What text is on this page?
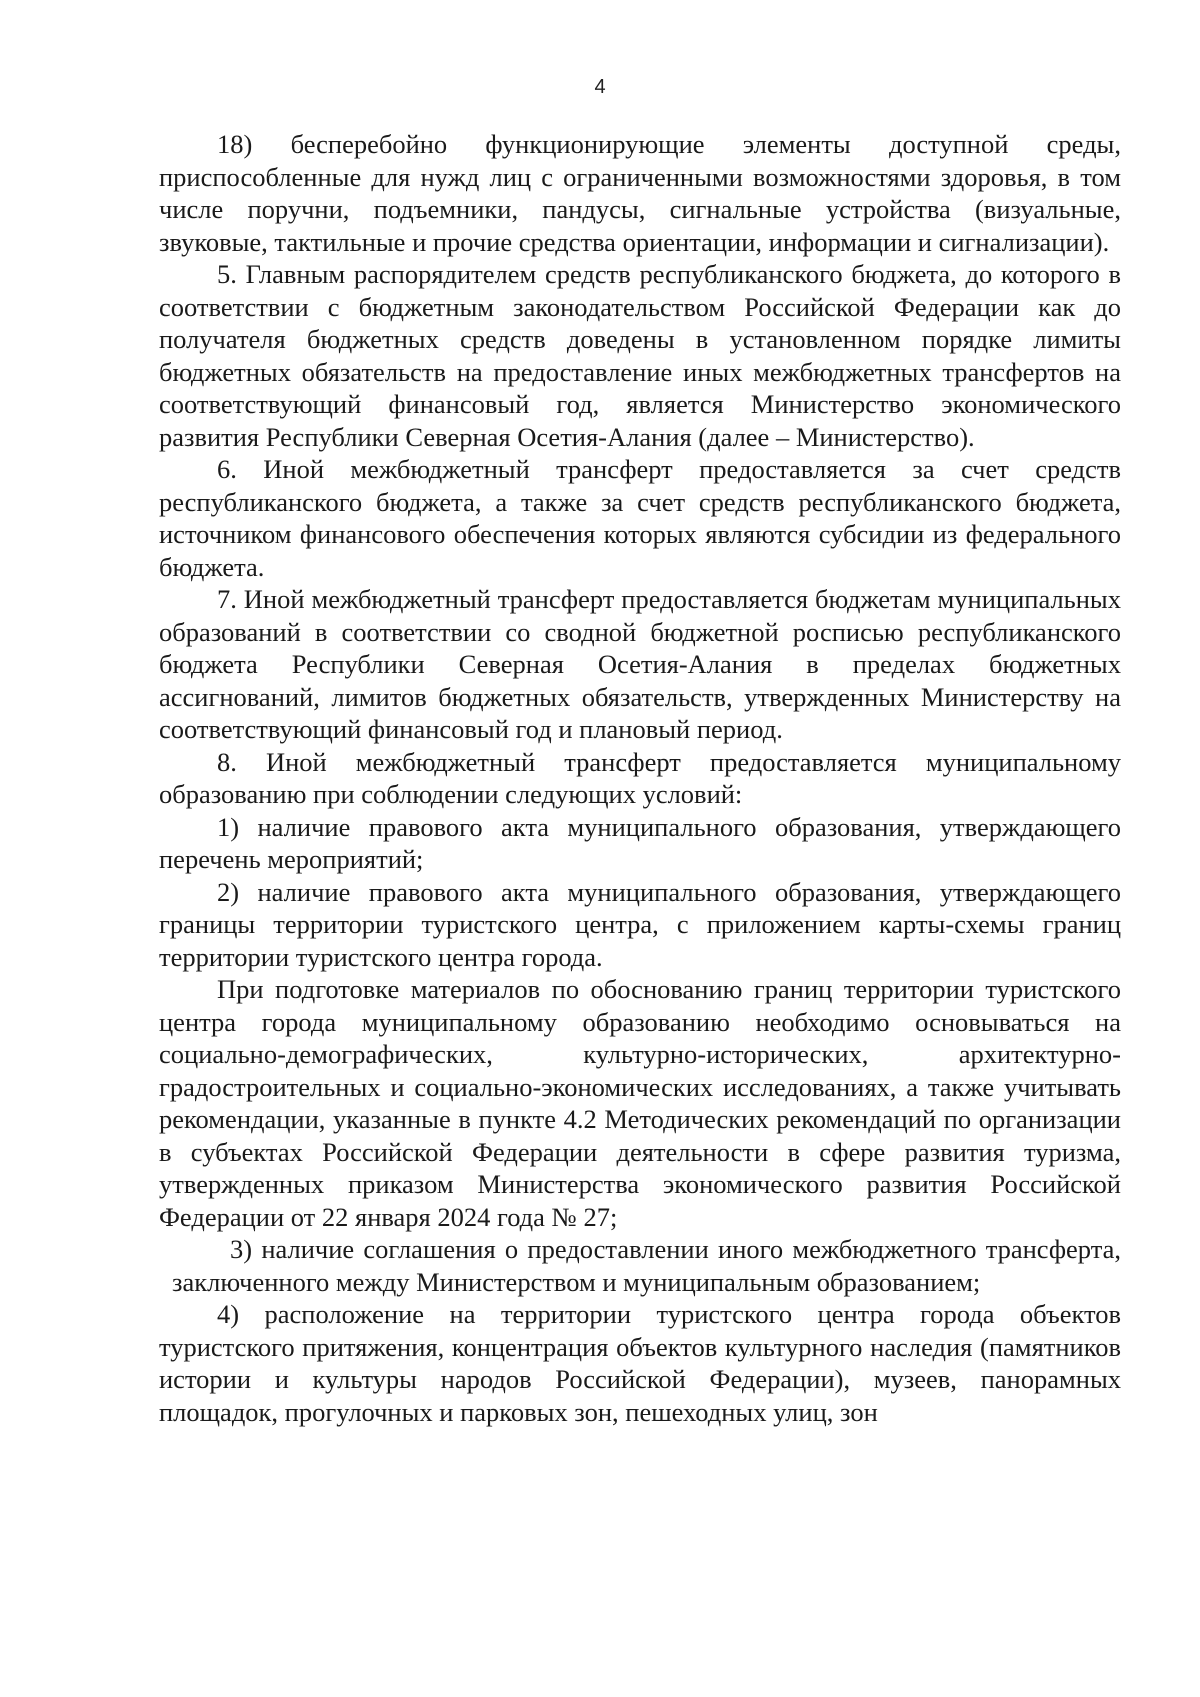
4

18) бесперебойно функционирующие элементы доступной среды, приспособленные для нужд лиц с ограниченными возможностями здоровья, в том числе поручни, подъемники, пандусы, сигнальные устройства (визуальные, звуковые, тактильные и прочие средства ориентации, информации и сигнализации).

5. Главным распорядителем средств республиканского бюджета, до которого в соответствии с бюджетным законодательством Российской Федерации как до получателя бюджетных средств доведены в установленном порядке лимиты бюджетных обязательств на предоставление иных межбюджетных трансфертов на соответствующий финансовый год, является Министерство экономического развития Республики Северная Осетия-Алания (далее – Министерство).

6. Иной межбюджетный трансферт предоставляется за счет средств республиканского бюджета, а также за счет средств республиканского бюджета, источником финансового обеспечения которых являются субсидии из федерального бюджета.

7. Иной межбюджетный трансферт предоставляется бюджетам муниципальных образований в соответствии со сводной бюджетной росписью республиканского бюджета Республики Северная Осетия-Алания в пределах бюджетных ассигнований, лимитов бюджетных обязательств, утвержденных Министерству на соответствующий финансовый год и плановый период.

8. Иной межбюджетный трансферт предоставляется муниципальному образованию при соблюдении следующих условий:

1) наличие правового акта муниципального образования, утверждающего перечень мероприятий;

2) наличие правового акта муниципального образования, утверждающего границы территории туристского центра, с приложением карты-схемы границ территории туристского центра города.

При подготовке материалов по обоснованию границ территории туристского центра города муниципальному образованию необходимо основываться на социально-демографических, культурно-исторических, архитектурно-градостроительных и социально-экономических исследованиях, а также учитывать рекомендации, указанные в пункте 4.2 Методических рекомендаций по организации в субъектах Российской Федерации деятельности в сфере развития туризма, утвержденных приказом Министерства экономического развития Российской Федерации от 22 января 2024 года № 27;

3) наличие соглашения о предоставлении иного межбюджетного трансферта, заключенного между Министерством и муниципальным образованием;

4) расположение на территории туристского центра города объектов туристского притяжения, концентрация объектов культурного наследия (памятников истории и культуры народов Российской Федерации), музеев, панорамных площадок, прогулочных и парковых зон, пешеходных улиц, зон
